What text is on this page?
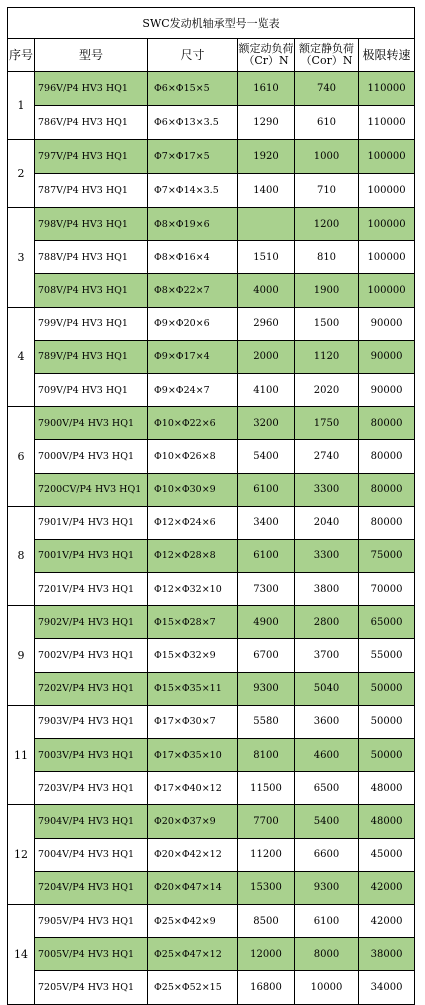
SWC发动机轴承型号一览表					
序号	型号	尺寸	额定动负荷（Cr）N	额定静负荷（Cor）N	极限转速
1	796V/P4 HV3 HQ1	Φ6×Φ15×5	1610	740	110000
	786V/P4 HV3 HQ1	Φ6×Φ13×3.5	1290	610	110000
2	797V/P4 HV3 HQ1	Φ7×Φ17×5	1920	1000	100000
	787V/P4 HV3 HQ1	Φ7×Φ14×3.5	1400	710	100000
3	798V/P4 HV3 HQ1	Φ8×Φ19×6		1200	100000
	788V/P4 HV3 HQ1	Φ8×Φ16×4	1510	810	100000
	708V/P4 HV3 HQ1	Φ8×Φ22×7	4000	1900	100000
4	799V/P4 HV3 HQ1	Φ9×Φ20×6	2960	1500	90000
	789V/P4 HV3 HQ1	Φ9×Φ17×4	2000	1120	90000
	709V/P4 HV3 HQ1	Φ9×Φ24×7	4100	2020	90000
6	7900V/P4 HV3 HQ1	Φ10×Φ22×6	3200	1750	80000
	7000V/P4 HV3 HQ1	Φ10×Φ26×8	5400	2740	80000
	7200CV/P4 HV3 HQ1	Φ10×Φ30×9	6100	3300	80000
8	7901V/P4 HV3 HQ1	Φ12×Φ24×6	3400	2040	80000
	7001V/P4 HV3 HQ1	Φ12×Φ28×8	6100	3300	75000
	7201V/P4 HV3 HQ1	Φ12×Φ32×10	7300	3800	70000
9	7902V/P4 HV3 HQ1	Φ15×Φ28×7	4900	2800	65000
	7002V/P4 HV3 HQ1	Φ15×Φ32×9	6700	3700	55000
	7202V/P4 HV3 HQ1	Φ15×Φ35×11	9300	5040	50000
11	7903V/P4 HV3 HQ1	Φ17×Φ30×7	5580	3600	50000
	7003V/P4 HV3 HQ1	Φ17×Φ35×10	8100	4600	50000
	7203V/P4 HV3 HQ1	Φ17×Φ40×12	11500	6500	48000
12	7904V/P4 HV3 HQ1	Φ20×Φ37×9	7700	5400	48000
	7004V/P4 HV3 HQ1	Φ20×Φ42×12	11200	6600	45000
	7204V/P4 HV3 HQ1	Φ20×Φ47×14	15300	9300	42000
14	7905V/P4 HV3 HQ1	Φ25×Φ42×9	8500	6100	42000
	7005V/P4 HV3 HQ1	Φ25×Φ47×12	12000	8000	38000
	7205V/P4 HV3 HQ1	Φ25×Φ52×15	16800	10000	34000
